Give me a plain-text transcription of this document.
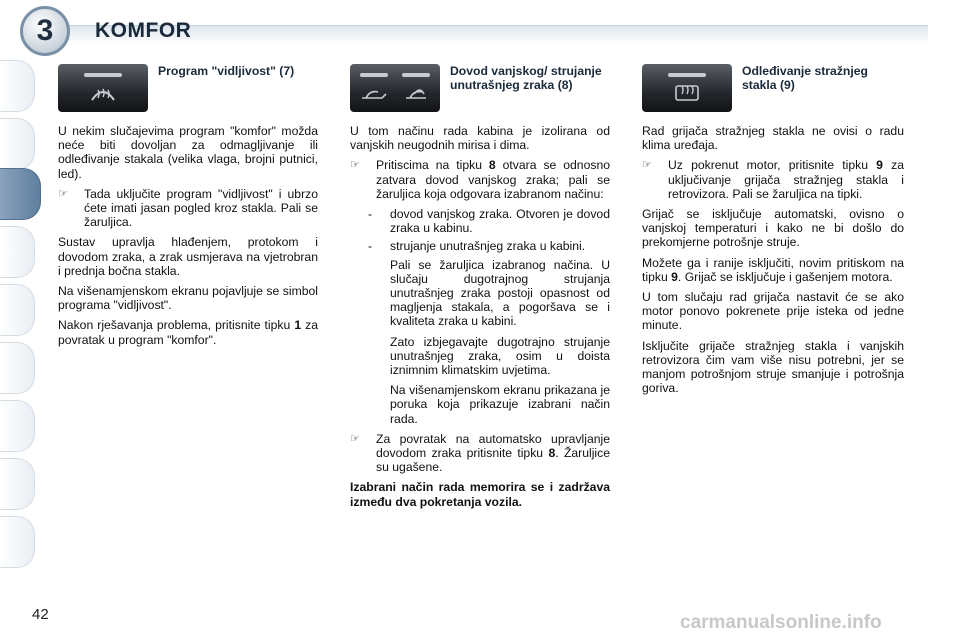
3	KOMFOR
Program "vidljivost" (7)

U nekim slučajevima program "komfor" možda neće biti dovoljan za odmagljivanje ili odleđivanje stakala (velika vlaga, brojni putnici, led).

☞	Tada uključite program "vidljivost" i ubrzo ćete imati jasan pogled kroz stakla. Pali se žaruljica.

Sustav upravlja hlađenjem, protokom i dovodom zraka, a zrak usmjerava na vjetrobran i prednja bočna stakla.

Na višenamjenskom ekranu pojavljuje se simbol programa "vidljivost".

Nakon rješavanja problema, pritisnite tipku 1 za povratak u program "komfor".

Dovod vanjskog/ strujanje unutrašnjeg zraka (8)

U tom načinu rada kabina je izolirana od vanjskih neugodnih mirisa i dima.

☞	Pritiscima na tipku 8 otvara se odnosno zatvara dovod vanjskog zraka; pali se žaruljica koja odgovara izabranom načinu:
-	dovod vanjskog zraka. Otvoren je dovod zraka u kabinu.
-	strujanje unutrašnjeg zraka u kabini.

Pali se žaruljica izabranog načina. U slučaju dugotrajnog strujanja unutrašnjeg zraka postoji opasnost od magljenja stakala, a pogoršava se i kvaliteta zraka u kabini.

Zato izbjegavajte dugotrajno strujanje unutrašnjeg zraka, osim u doista iznimnim klimatskim uvjetima.

Na višenamjenskom ekranu prikazana je poruka koja prikazuje izabrani način rada.

☞	Za povratak na automatsko upravljanje dovodom zraka pritisnite tipku 8. Žaruljice su ugašene.

Izabrani način rada memorira se i zadržava između dva pokretanja vozila.

Odleđivanje stražnjeg stakla (9)

Rad grijača stražnjeg stakla ne ovisi o radu klima uređaja.

☞	Uz pokrenut motor, pritisnite tipku 9 za uključivanje grijača stražnjeg stakla i retrovizora. Pali se žaruljica na tipki.

Grijač se isključuje automatski, ovisno o vanjskoj temperaturi i kako ne bi došlo do prekomjerne potrošnje struje.

Možete ga i ranije isključiti, novim pritiskom na tipku 9. Grijač se isključuje i gašenjem motora.

U tom slučaju rad grijača nastavit će se ako motor ponovo pokrenete prije isteka od jedne minute.

Isključite grijače stražnjeg stakla i vanjskih retrovizora čim vam više nisu potrebni, jer se manjom potrošnjom struje smanjuje i potrošnja goriva.

42	carmanualsonline.info
